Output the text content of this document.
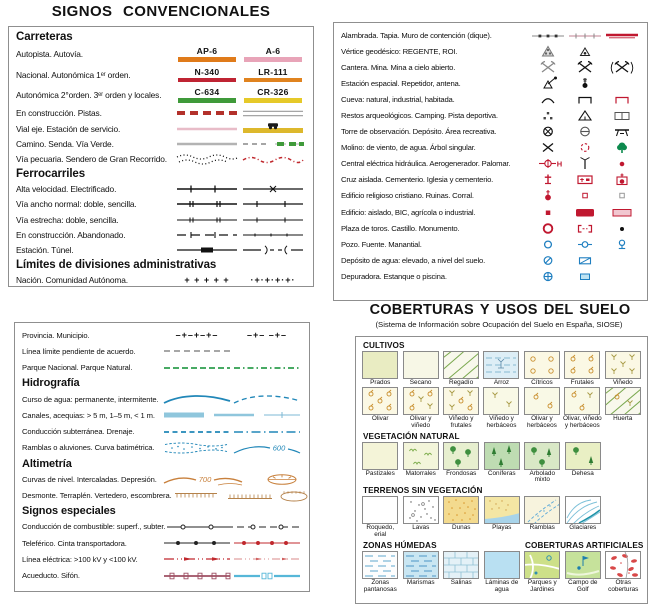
SIGNOS CONVENCIONALES
Carreteras
Autopista. Autovía.	AP-6	A-6
Nacional. Autonómica 1ᵉʳ orden.	N-340	LR-111
Autonómica 2°orden. 3ᵉʳ orden y locales.	C-634	CR-326
En construcción. Pistas.
Vial eje. Estación de servicio.
Camino. Senda. Vía Verde.
Vía pecuaria. Sendero de Gran Recorrido.
Ferrocarriles
Alta velocidad. Electrificado.
Vía ancho normal: doble, sencilla.
Vía estrecha: doble, sencilla.
En construcción. Abandonado.
Estación. Túnel.
Límites de divisiones administrativas
Nación. Comunidad Autónoma.	+ + + + + ·+·+·+·+·
Alambrada. Tapia. Muro de contención (dique).
Vértice geodésico: REGENTE, ROI.
Cantera. Mina. Mina a cielo abierto.
Estación espacial. Repetidor, antena.
Cueva: natural, industrial, habitada.
Restos arqueológicos. Camping. Pista deportiva.
Torre de observación. Depósito. Área recreativa.
Molino: de viento, de agua. Árbol singular.
Central eléctrica hidráulica. Aerogenerador. Palomar.	H
Cruz aislada. Cementerio. Iglesia y cementerio.
Edificio religioso cristiano. Ruinas. Corral.
Edificio: aislado, BIC, agrícola o industrial.
Plaza de toros. Castillo. Monumento.
Pozo. Fuente. Manantial.
Depósito de agua: elevado, a nivel del suelo.
Depuradora. Estanque o piscina.
Provincia. Municipio.	–+–+–+–	–+– –+–
Línea límite pendiente de acuerdo.
Parque Nacional. Parque Natural.
Hidrografía
Curso de agua: permanente, intermitente.
Canales, acequias: > 5 m, 1–5 m, < 1 m.
Conducción subterránea. Drenaje.
Ramblas o aluviones. Curva batimétrica.	600
Altimetría
Curvas de nivel. Intercaladas. Depresión.	700
Desmonte. Terraplén. Vertedero, escombrera.
Signos especiales
Conducción de combustible: superf., subter.
Teleférico. Cinta transportadora.
Línea eléctrica: >100 kV y <100 kV.
Acueducto. Sifón.
COBERTURAS Y USOS DEL SUELO
(Sistema de Información sobre Ocupación del Suelo en España, SIOSE)
CULTIVOS
Prados	Secano	Regadío	Arroz	Cítricos	Frutales	Viñedo
Olivar	Olivar y viñedo
Viñedo y frutales
Viñedo y herbáceos
Olivar y herbáceos
Olivar, viñedo y herbáceos
Huerta
VEGETACIÓN NATURAL
Pastizales Matorrales Frondosas Coníferas	Arbolado mixto
Dehesa
TERRENOS SIN VEGETACIÓN
Roquedo, erial
Lavas	Dunas	Playas	Ramblas Glaciares
ZONAS HÚMEDAS
Zonas pantanosas
Marismas	Salinas	Láminas de agua
COBERTURAS ARTIFICIALES
Parques y Jardines
Campo de Golf
Otras coberturas
